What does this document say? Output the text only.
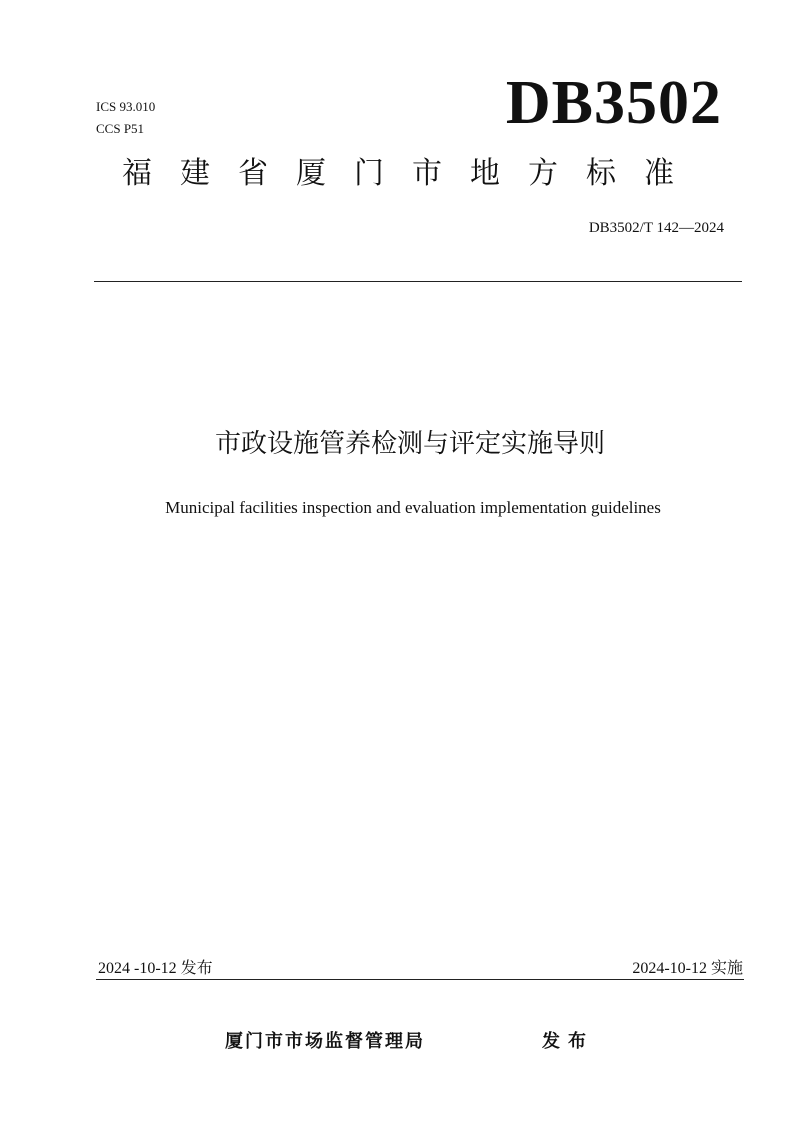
ICS 93.010
CCS P51	DB3502
福建省厦门市地方标准
DB3502/T 142—2024
市政设施管养检测与评定实施导则
Municipal facilities inspection and evaluation implementation guidelines
2024 -10-12 发布	2024-10-12 实施
厦门市市场监督管理局	发布
